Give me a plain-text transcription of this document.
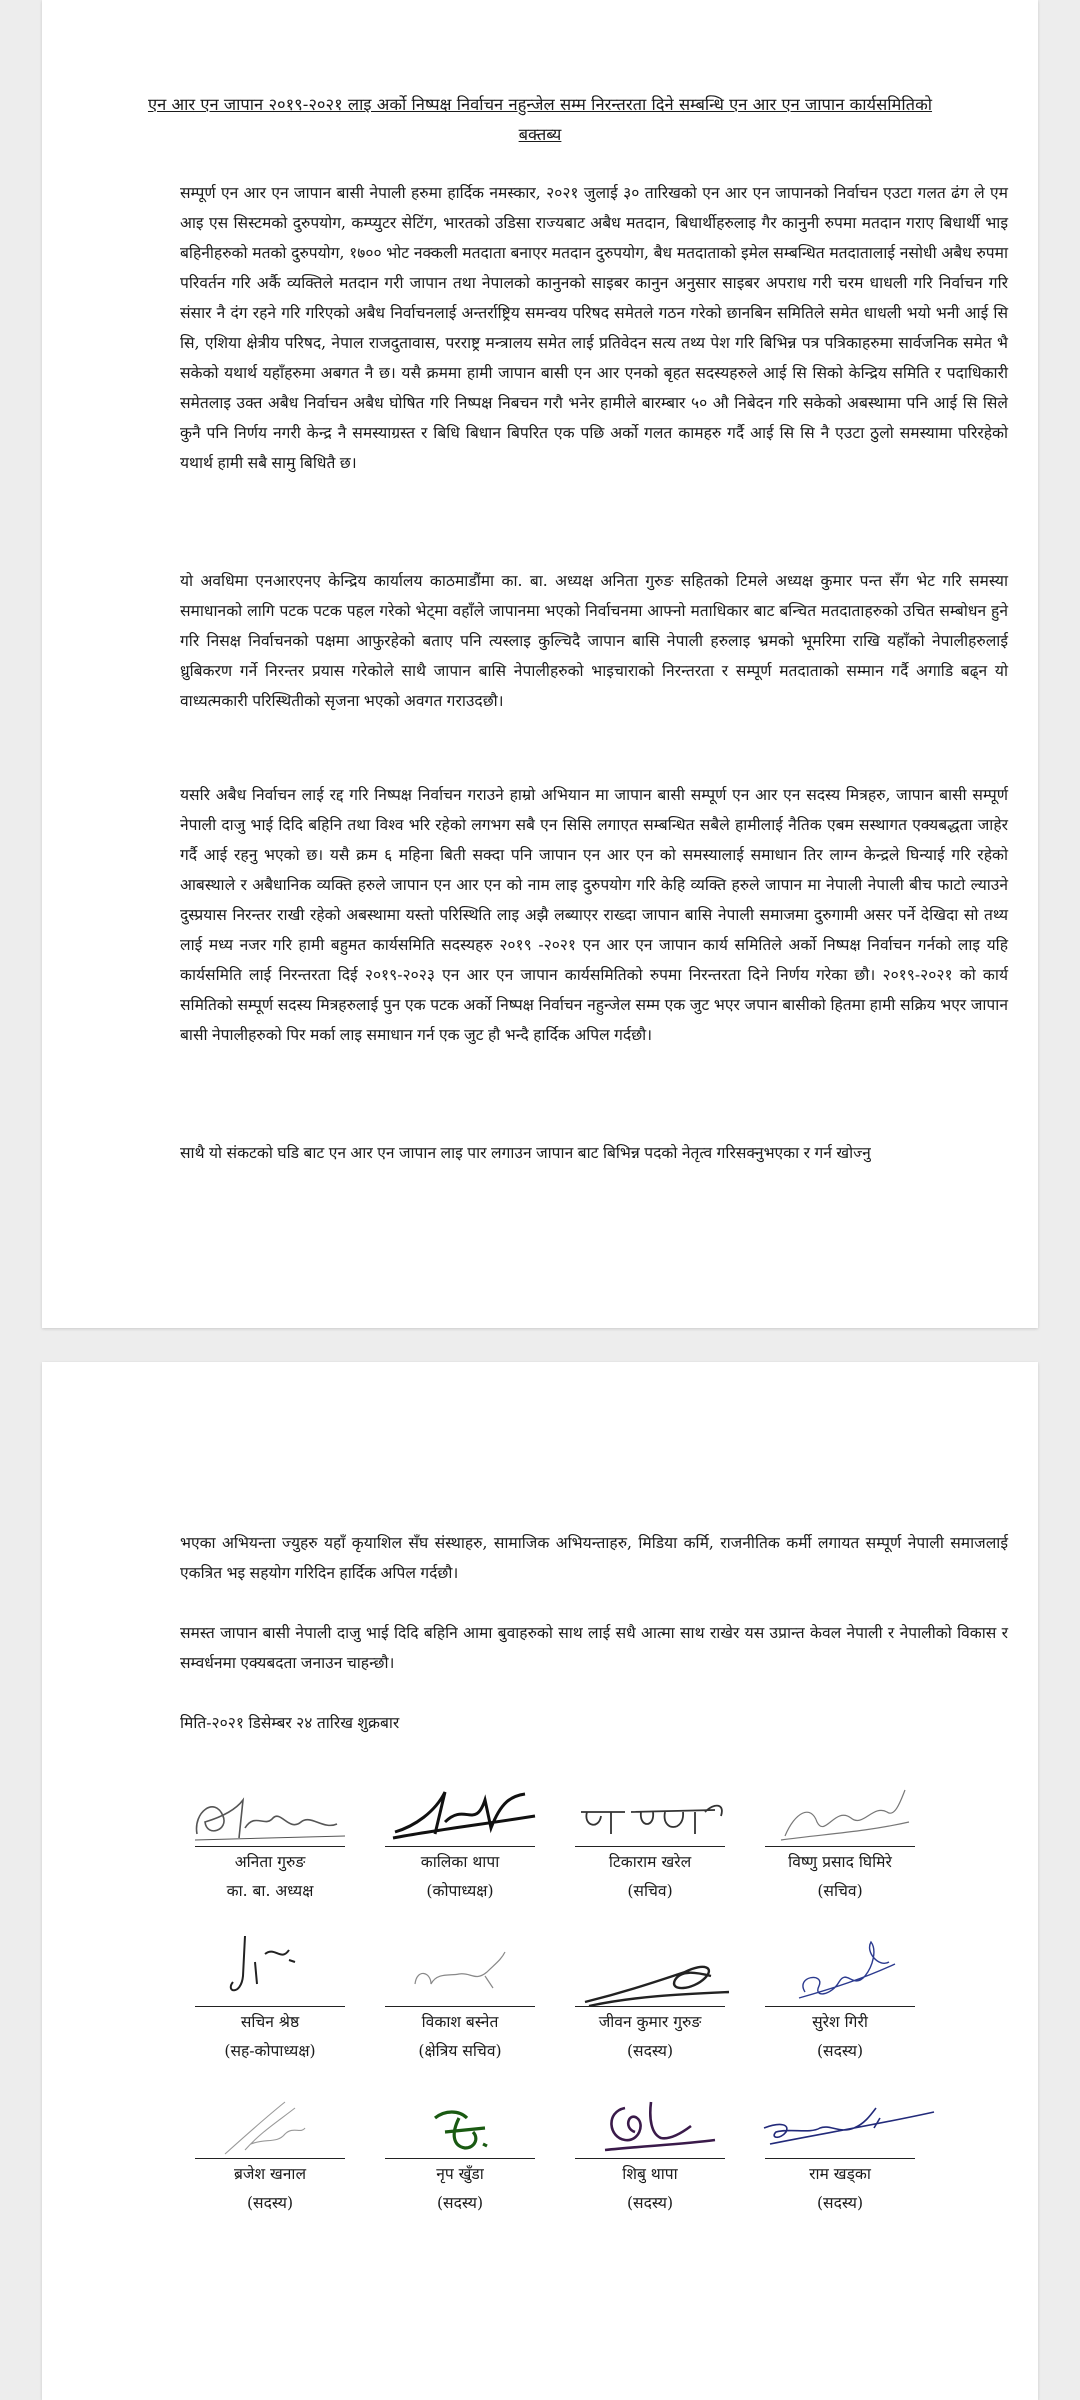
एन आर एन जापान २०१९-२०२१ लाइ अर्को निष्पक्ष निर्वाचन नहुन्जेल सम्म निरन्तरता दिने सम्बन्धि एन आर एन जापान कार्यसमितिको बक्तब्य

सम्पूर्ण एन आर एन जापान बासी नेपाली हरुमा हार्दिक नमस्कार, २०२१ जुलाई ३० तारिखको एन आर एन जापानको निर्वाचन एउटा गलत ढंग ले एम आइ एस सिस्टमको दुरुपयोग, कम्प्युटर सेटिंग, भारतको उडिसा राज्यबाट अबैध मतदान, बिधार्थीहरुलाइ गैर कानुनी रुपमा मतदान गराए बिधार्थी भाइ बहिनीहरुको मतको दुरुपयोग, १७०० भोट नक्कली मतदाता बनाएर मतदान दुरुपयोग, बैध मतदाताको इमेल सम्बन्धित मतदातालाई नसोधी अबैध रुपमा परिवर्तन गरि अर्कै व्यक्तिले मतदान गरी जापान तथा नेपालको कानुनको साइबर कानुन अनुसार साइबर अपराध गरी चरम धाधली गरि निर्वाचन गरि संसार नै दंग रहने गरि गरिएको अबैध निर्वाचनलाई अन्तर्राष्ट्रिय समन्वय परिषद समेतले गठन गरेको छानबिन समितिले समेत धाधली भयो भनी आई सि सि, एशिया क्षेत्रीय परिषद, नेपाल राजदुतावास, परराष्ट्र मन्त्रालय समेत लाई प्रतिवेदन सत्य तथ्य पेश गरि बिभिन्न पत्र पत्रिकाहरुमा सार्वजनिक समेत भै सकेको यथार्थ यहाँहरुमा अबगत नै छ। यसै क्रममा हामी जापान बासी एन आर एनको बृहत सदस्यहरुले आई सि सिको केन्द्रिय समिति र पदाधिकारी समेतलाइ उक्त अबैध निर्वाचन अबैध घोषित गरि निष्पक्ष निबचन गरौ भनेर हामीले बारम्बार ५० औ निबेदन गरि सकेको अबस्थामा पनि आई सि सिले कुनै पनि निर्णय नगरी केन्द्र नै समस्याग्रस्त र बिधि बिधान बिपरित एक पछि अर्को गलत कामहरु गर्दै आई सि सि नै एउटा ठुलो समस्यामा परिरहेको यथार्थ हामी सबै सामु बिधितै छ।

यो अवधिमा एनआरएनए केन्द्रिय कार्यालय काठमाडौंमा का. बा. अध्यक्ष अनिता गुरुङ सहितको टिमले अध्यक्ष कुमार पन्त सँग भेट गरि समस्या समाधानको लागि पटक पटक पहल गरेको भेट्मा वहाँले जापानमा भएको निर्वाचनमा आफ्नो मताधिकार बाट बन्चित मतदाताहरुको उचित सम्बोधन हुने गरि निसक्ष निर्वाचनको पक्षमा आफुरहेको बताए पनि त्यस्लाइ कुल्चिदै जापान बासि नेपाली हरुलाइ भ्रमको भूमरिमा राखि यहाँको नेपालीहरुलाई ध्रुबिकरण गर्ने निरन्तर प्रयास गरेकोले साथै जापान बासि नेपालीहरुको भाइचाराको निरन्तरता र सम्पूर्ण मतदाताको सम्मान गर्दै अगाडि बढ्न यो वाध्यत्मकारी परिस्थितीको सृजना भएको अवगत गराउदछौ।

यसरि अबैध निर्वाचन लाई रद्द गरि निष्पक्ष निर्वाचन गराउने हाम्रो अभियान मा जापान बासी सम्पूर्ण एन आर एन सदस्य मित्रहरु, जापान बासी सम्पूर्ण नेपाली दाजु भाई दिदि बहिनि तथा विश्व भरि रहेको लगभग सबै एन सिसि लगाएत सम्बन्धित सबैले हामीलाई नैतिक एबम सस्थागत एक्यबद्धता जाहेर गर्दै आई रहनु भएको छ। यसै क्रम ६ महिना बिती सक्दा पनि जापान एन आर एन को समस्यालाई समाधान तिर लाग्न केन्द्रले घिन्याई गरि रहेको आबस्थाले र अबैधानिक व्यक्ति हरुले जापान एन आर एन को नाम लाइ दुरुपयोग गरि केहि व्यक्ति हरुले जापान मा नेपाली नेपाली बीच फाटो ल्याउने दुस्प्रयास निरन्तर राखी रहेको अबस्थामा यस्तो परिस्थिति लाइ अझै लब्याएर राख्दा जापान बासि नेपाली समाजमा दुरुगामी असर पर्ने देखिदा सो तथ्य लाई मध्य नजर गरि हामी बहुमत कार्यसमिति सदस्यहरु २०१९ -२०२१ एन आर एन जापान कार्य समितिले अर्को निष्पक्ष निर्वाचन गर्नको लाइ यहि कार्यसमिति लाई निरन्तरता दिई २०१९-२०२३ एन आर एन जापान कार्यसमितिको रुपमा निरन्तरता दिने निर्णय गरेका छौ। २०१९-२०२१ को कार्य समितिको सम्पूर्ण सदस्य मित्रहरुलाई पुन एक पटक अर्को निष्पक्ष निर्वाचन नहुन्जेल सम्म एक जुट भएर जपान बासीको हितमा हामी सक्रिय भएर जापान बासी नेपालीहरुको पिर मर्का लाइ समाधान गर्न एक जुट हौ भन्दै हार्दिक अपिल गर्दछौ।

साथै यो संकटको घडि बाट एन आर एन जापान लाइ पार लगाउन जापान बाट बिभिन्न पदको नेतृत्व गरिसक्नुभएका र गर्न खोज्नु

भएका अभियन्ता ज्युहरु यहाँ कृयाशिल सँघ संस्थाहरु, सामाजिक अभियन्ताहरु, मिडिया कर्मि, राजनीतिक कर्मी लगायत सम्पूर्ण नेपाली समाजलाई एकत्रित भइ सहयोग गरिदिन हार्दिक अपिल गर्दछौ।

समस्त जापान बासी नेपाली दाजु भाई दिदि बहिनि आमा बुवाहरुको साथ लाई सधै आत्मा साथ राखेर यस उप्रान्त केवल नेपाली र नेपालीको विकास र सम्वर्धनमा एक्यबदता जनाउन चाहन्छौ।

मिति-२०२१ डिसेम्बर २४ तारिख शुक्रबार

अनिता गुरुङ
का. बा. अध्यक्ष
कालिका थापा
(कोपाध्यक्ष)
टिकाराम खरेल
(सचिव)
विष्णु प्रसाद घिमिरे
(सचिव)
सचिन श्रेष्ठ
(सह-कोपाध्यक्ष)
विकाश बस्नेत
(क्षेत्रिय सचिव)
जीवन कुमार गुरुङ
(सदस्य)
सुरेश गिरी
(सदस्य)
ब्रजेश खनाल
(सदस्य)
नृप खुँडा
(सदस्य)
शिबु थापा
(सदस्य)
राम खड्का
(सदस्य)
